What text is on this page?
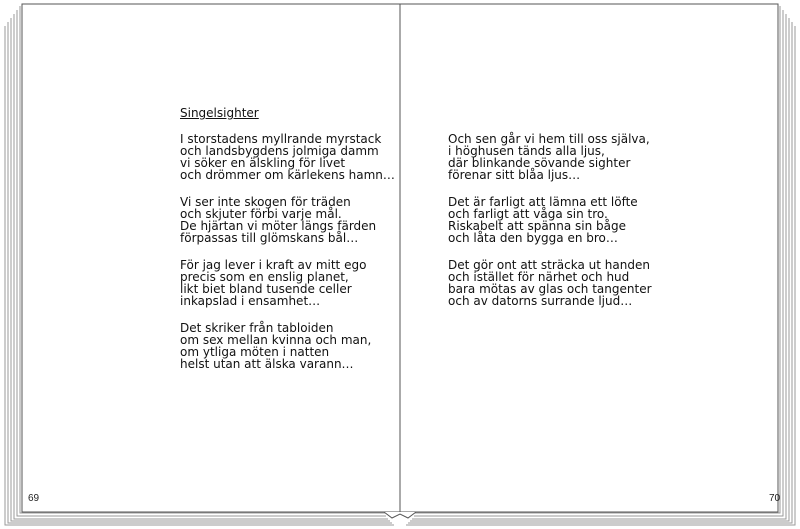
Singelsighter
I storstadens myllrande myrstack
och landsbygdens jolmiga damm
vi söker en älskling för livet
och drömmer om kärlekens hamn…
Vi ser inte skogen för träden
och skjuter förbi varje mål.
De hjärtan vi möter längs färden
förpassas till glömskans bål…
För jag lever i kraft av mitt ego
precis som en enslig planet,
likt biet bland tusende celler
inkapslad i ensamhet…
Det skriker från tabloiden
om sex mellan kvinna och man,
om ytliga möten i natten
helst utan att älska varann…
Och sen går vi hem till oss själva,
i höghusen tänds alla ljus,
där blinkande sövande sighter
förenar sitt blåa ljus…
Det är farligt att lämna ett löfte
och farligt att våga sin tro.
Riskabelt att spänna sin båge
och låta den bygga en bro…
Det gör ont att sträcka ut handen
och istället för närhet och hud
bara mötas av glas och tangenter
och av datorns surrande ljud…
69	70
